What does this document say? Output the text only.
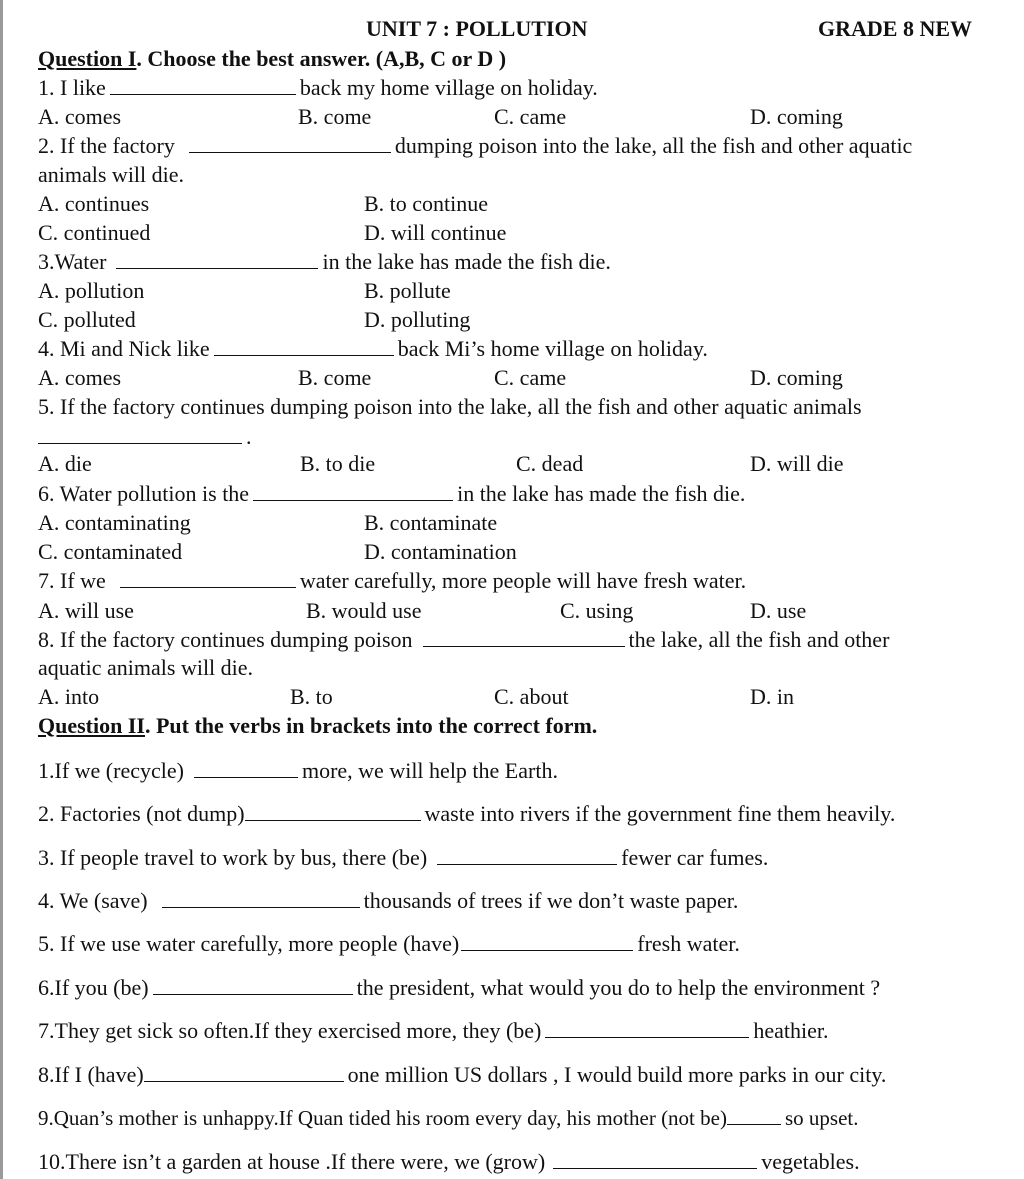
UNIT 7 : POLLUTION	GRADE 8 NEW
Question I. Choose the best answer. (A,B, C or D )
1. I like	back my home village on holiday.
A. comes	B. come	C. came	D. coming
2. If the factory	dumping poison into the lake, all the fish and other aquatic
animals will die.
A. continues	B. to continue
C. continued	D. will continue
3.Water	in the lake has made the fish die.
A. pollution	B. pollute
C. polluted	D. polluting
4. Mi and Nick like	back Mi’s home village on holiday.
A. comes	B. come	C. came	D. coming
5. If the factory continues dumping poison into the lake, all the fish and other aquatic animals
.
A. die	B. to die	C. dead	D. will die
6. Water pollution is the	in the lake has made the fish die.
A. contaminating	B. contaminate
C. contaminated	D. contamination
7. If we	water carefully, more people will have fresh water.
A. will use	B. would use	C. using	D. use
8. If the factory continues dumping poison	the lake, all the fish and other
aquatic animals will die.
A. into	B. to	C. about	D. in
Question II. Put the verbs in brackets into the correct form.
1.If we (recycle)	more, we will help the Earth.
2. Factories (not dump)	waste into rivers if the government fine them heavily.
3. If people travel to work by bus, there (be)	fewer car fumes.
4. We (save)	thousands of trees if we don’t waste paper.
5. If we use water carefully, more people (have)	fresh water.
6.If you (be)	the president, what would you do to help the environment ?
7.They get sick so often.If they exercised more, they (be)	heathier.
8.If I (have)	one million US dollars , I would build more parks in our city.
9.Quan’s mother is unhappy.If Quan tided his room every day, his mother (not be)	so upset.
10.There isn’t a garden at house .If there were, we (grow)	vegetables.
